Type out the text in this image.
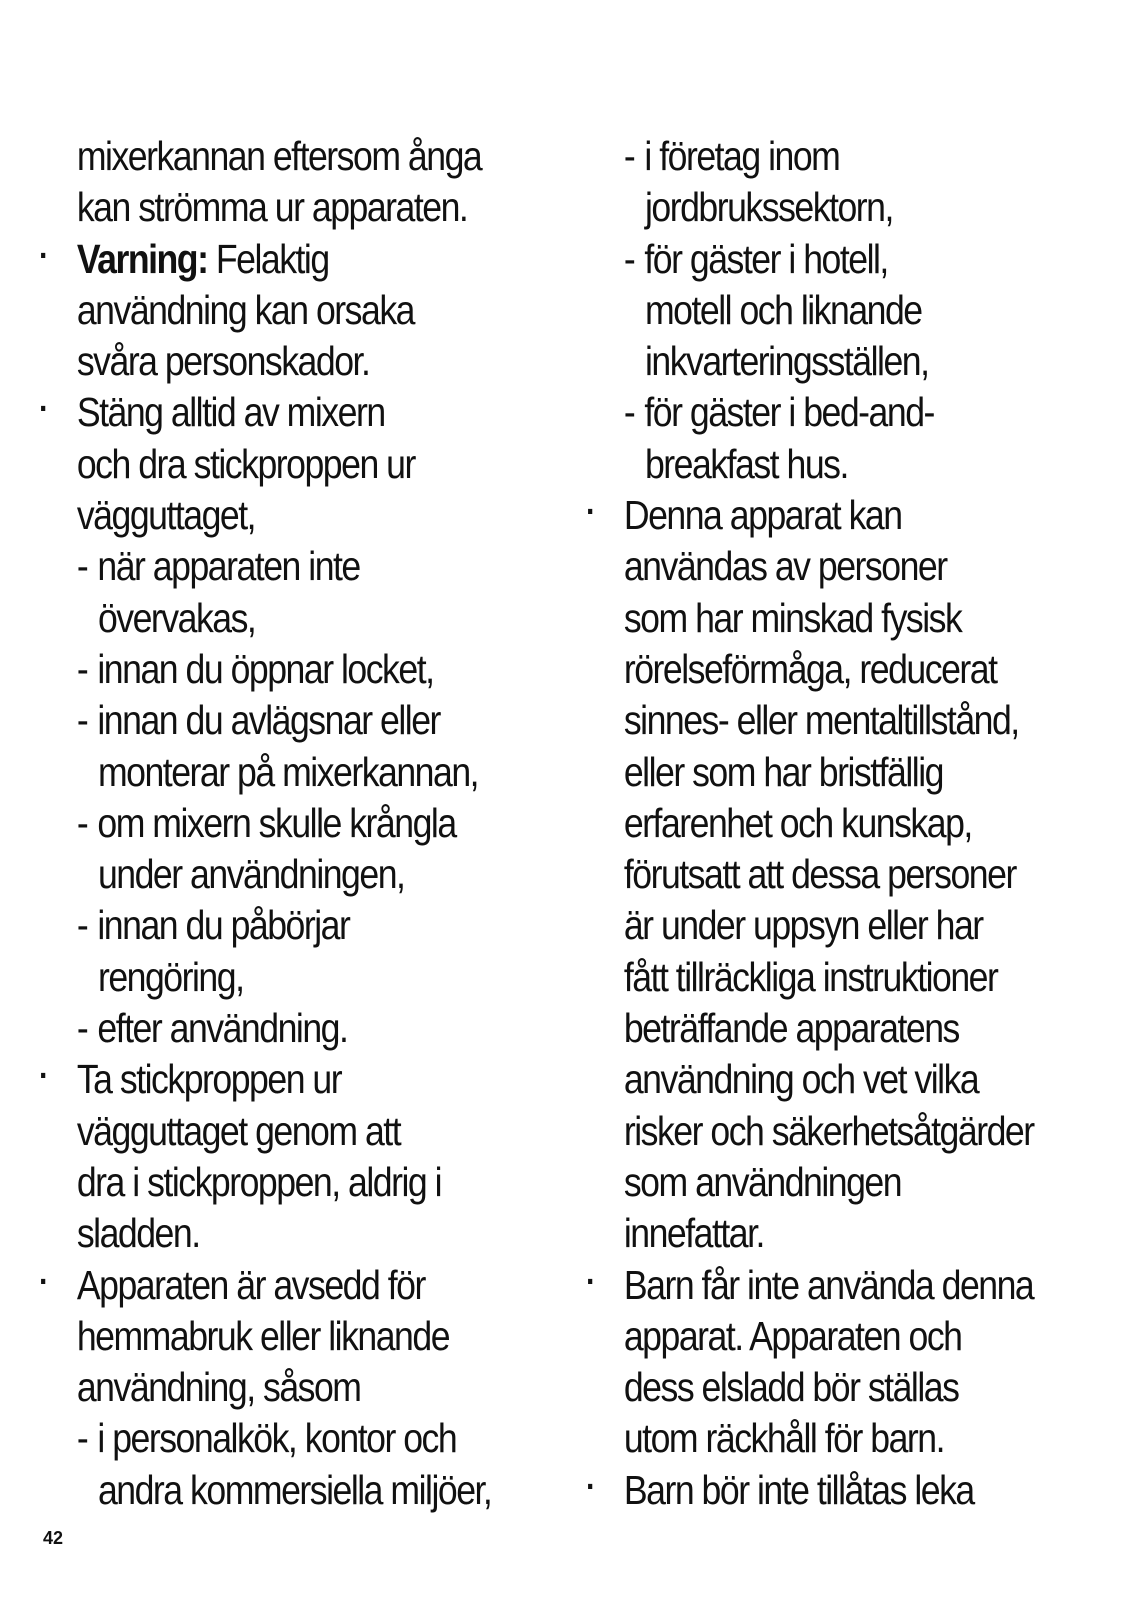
mixerkannan eftersom ånga
kan strömma ur apparaten.
· Varning: Felaktig
användning kan orsaka
svåra personskador.
· Stäng alltid av mixern
och dra stickproppen ur
vägguttaget,
- när apparaten inte
övervakas,
- innan du öppnar locket,
- innan du avlägsnar eller
monterar på mixerkannan,
- om mixern skulle krångla
under användningen,
- innan du påbörjar
rengöring,
- efter användning.
· Ta stickproppen ur
vägguttaget genom att
dra i stickproppen, aldrig i
sladden.
· Apparaten är avsedd för
hemmabruk eller liknande
användning, såsom
- i personalkök, kontor och
andra kommersiella miljöer,
- i företag inom
jordbrukssektorn,
- för gäster i hotell,
motell och liknande
inkvarteringsställen,
- för gäster i bed-and-
breakfast hus.
· Denna apparat kan
användas av personer
som har minskad fysisk
rörelseförmåga, reducerat
sinnes- eller mentaltillstånd,
eller som har bristfällig
erfarenhet och kunskap,
förutsatt att dessa personer
är under uppsyn eller har
fått tillräckliga instruktioner
beträffande apparatens
användning och vet vilka
risker och säkerhetsåtgärder
som användningen
innefattar.
· Barn får inte använda denna
apparat. Apparaten och
dess elsladd bör ställas
utom räckhåll för barn.
· Barn bör inte tillåtas leka
42
